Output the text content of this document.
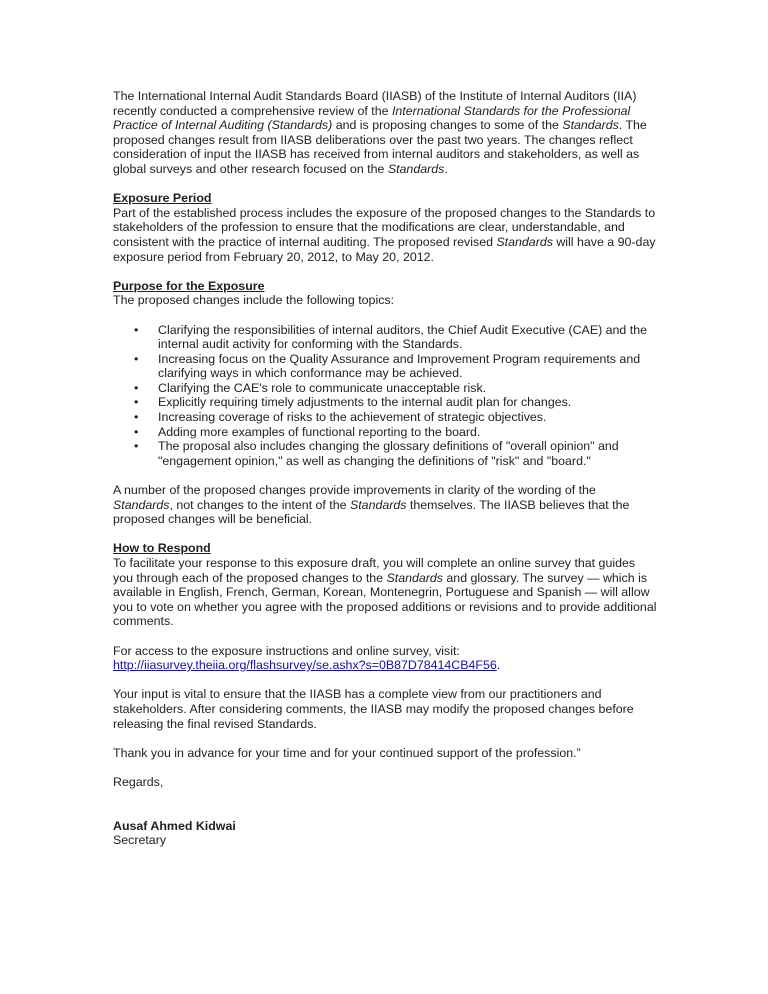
The International Internal Audit Standards Board (IIASB) of the Institute of Internal Auditors (IIA) recently conducted a comprehensive review of the International Standards for the Professional Practice of Internal Auditing (Standards) and is proposing changes to some of the Standards. The proposed changes result from IIASB deliberations over the past two years. The changes reflect consideration of input the IIASB has received from internal auditors and stakeholders, as well as global surveys and other research focused on the Standards.

Exposure Period

Part of the established process includes the exposure of the proposed changes to the Standards to stakeholders of the profession to ensure that the modifications are clear, understandable, and consistent with the practice of internal auditing. The proposed revised Standards will have a 90-day exposure period from February 20, 2012, to May 20, 2012.

Purpose for the Exposure

The proposed changes include the following topics:

• Clarifying the responsibilities of internal auditors, the Chief Audit Executive (CAE) and the internal audit activity for conforming with the Standards.
• Increasing focus on the Quality Assurance and Improvement Program requirements and clarifying ways in which conformance may be achieved.
• Clarifying the CAE's role to communicate unacceptable risk.
• Explicitly requiring timely adjustments to the internal audit plan for changes.
• Increasing coverage of risks to the achievement of strategic objectives.
• Adding more examples of functional reporting to the board.
• The proposal also includes changing the glossary definitions of "overall opinion" and "engagement opinion," as well as changing the definitions of "risk" and "board."

A number of the proposed changes provide improvements in clarity of the wording of the Standards, not changes to the intent of the Standards themselves. The IIASB believes that the proposed changes will be beneficial.

How to Respond

To facilitate your response to this exposure draft, you will complete an online survey that guides you through each of the proposed changes to the Standards and glossary. The survey — which is available in English, French, German, Korean, Montenegrin, Portuguese and Spanish — will allow you to vote on whether you agree with the proposed additions or revisions and to provide additional comments.

For access to the exposure instructions and online survey, visit:

http://iiasurvey.theiia.org/flashsurvey/se.ashx?s=0B87D78414CB4F56.

Your input is vital to ensure that the IIASB has a complete view from our practitioners and stakeholders. After considering comments, the IIASB may modify the proposed changes before releasing the final revised Standards.

Thank you in advance for your time and for your continued support of the profession.”

Regards,

Ausaf Ahmed Kidwai

Secretary
